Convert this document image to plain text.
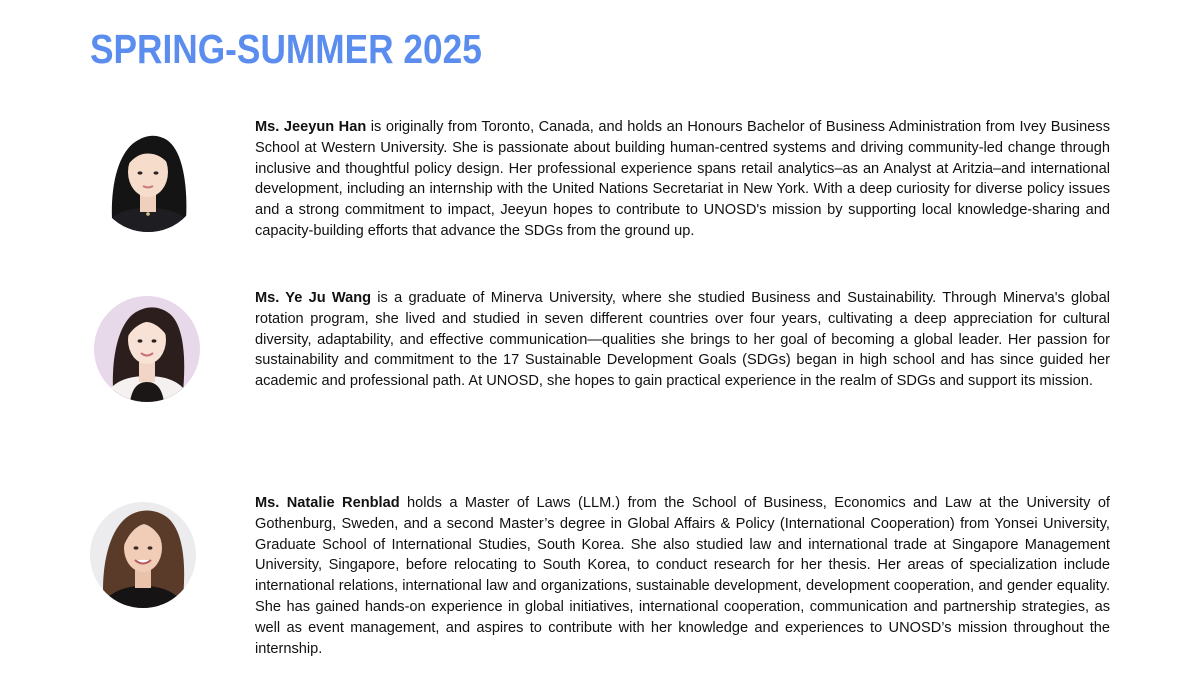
SPRING-SUMMER 2025

Ms. Jeeyun Han is originally from Toronto, Canada, and holds an Honours Bachelor of Business Administration from Ivey Business School at Western University. She is passionate about building human-centred systems and driving community-led change through inclusive and thoughtful policy design. Her professional experience spans retail analytics–as an Analyst at Aritzia–and international development, including an internship with the United Nations Secretariat in New York. With a deep curiosity for diverse policy issues and a strong commitment to impact, Jeeyun hopes to contribute to UNOSD's mission by supporting local knowledge-sharing and capacity-building efforts that advance the SDGs from the ground up.

Ms. Ye Ju Wang is a graduate of Minerva University, where she studied Business and Sustainability. Through Minerva's global rotation program, she lived and studied in seven different countries over four years, cultivating a deep appreciation for cultural diversity, adaptability, and effective communication—qualities she brings to her goal of becoming a global leader. Her passion for sustainability and commitment to the 17 Sustainable Development Goals (SDGs) began in high school and has since guided her academic and professional path. At UNOSD, she hopes to gain practical experience in the realm of SDGs and support its mission.

Ms. Natalie Renblad holds a Master of Laws (LLM.) from the School of Business, Economics and Law at the University of Gothenburg, Sweden, and a second Master’s degree in Global Affairs & Policy (International Cooperation) from Yonsei University, Graduate School of International Studies, South Korea. She also studied law and international trade at Singapore Management University, Singapore, before relocating to South Korea, to conduct research for her thesis. Her areas of specialization include international relations, international law and organizations, sustainable development, development cooperation, and gender equality. She has gained hands-on experience in global initiatives, international cooperation, communication and partnership strategies, as well as event management, and aspires to contribute with her knowledge and experiences to UNOSD’s mission throughout the internship.
